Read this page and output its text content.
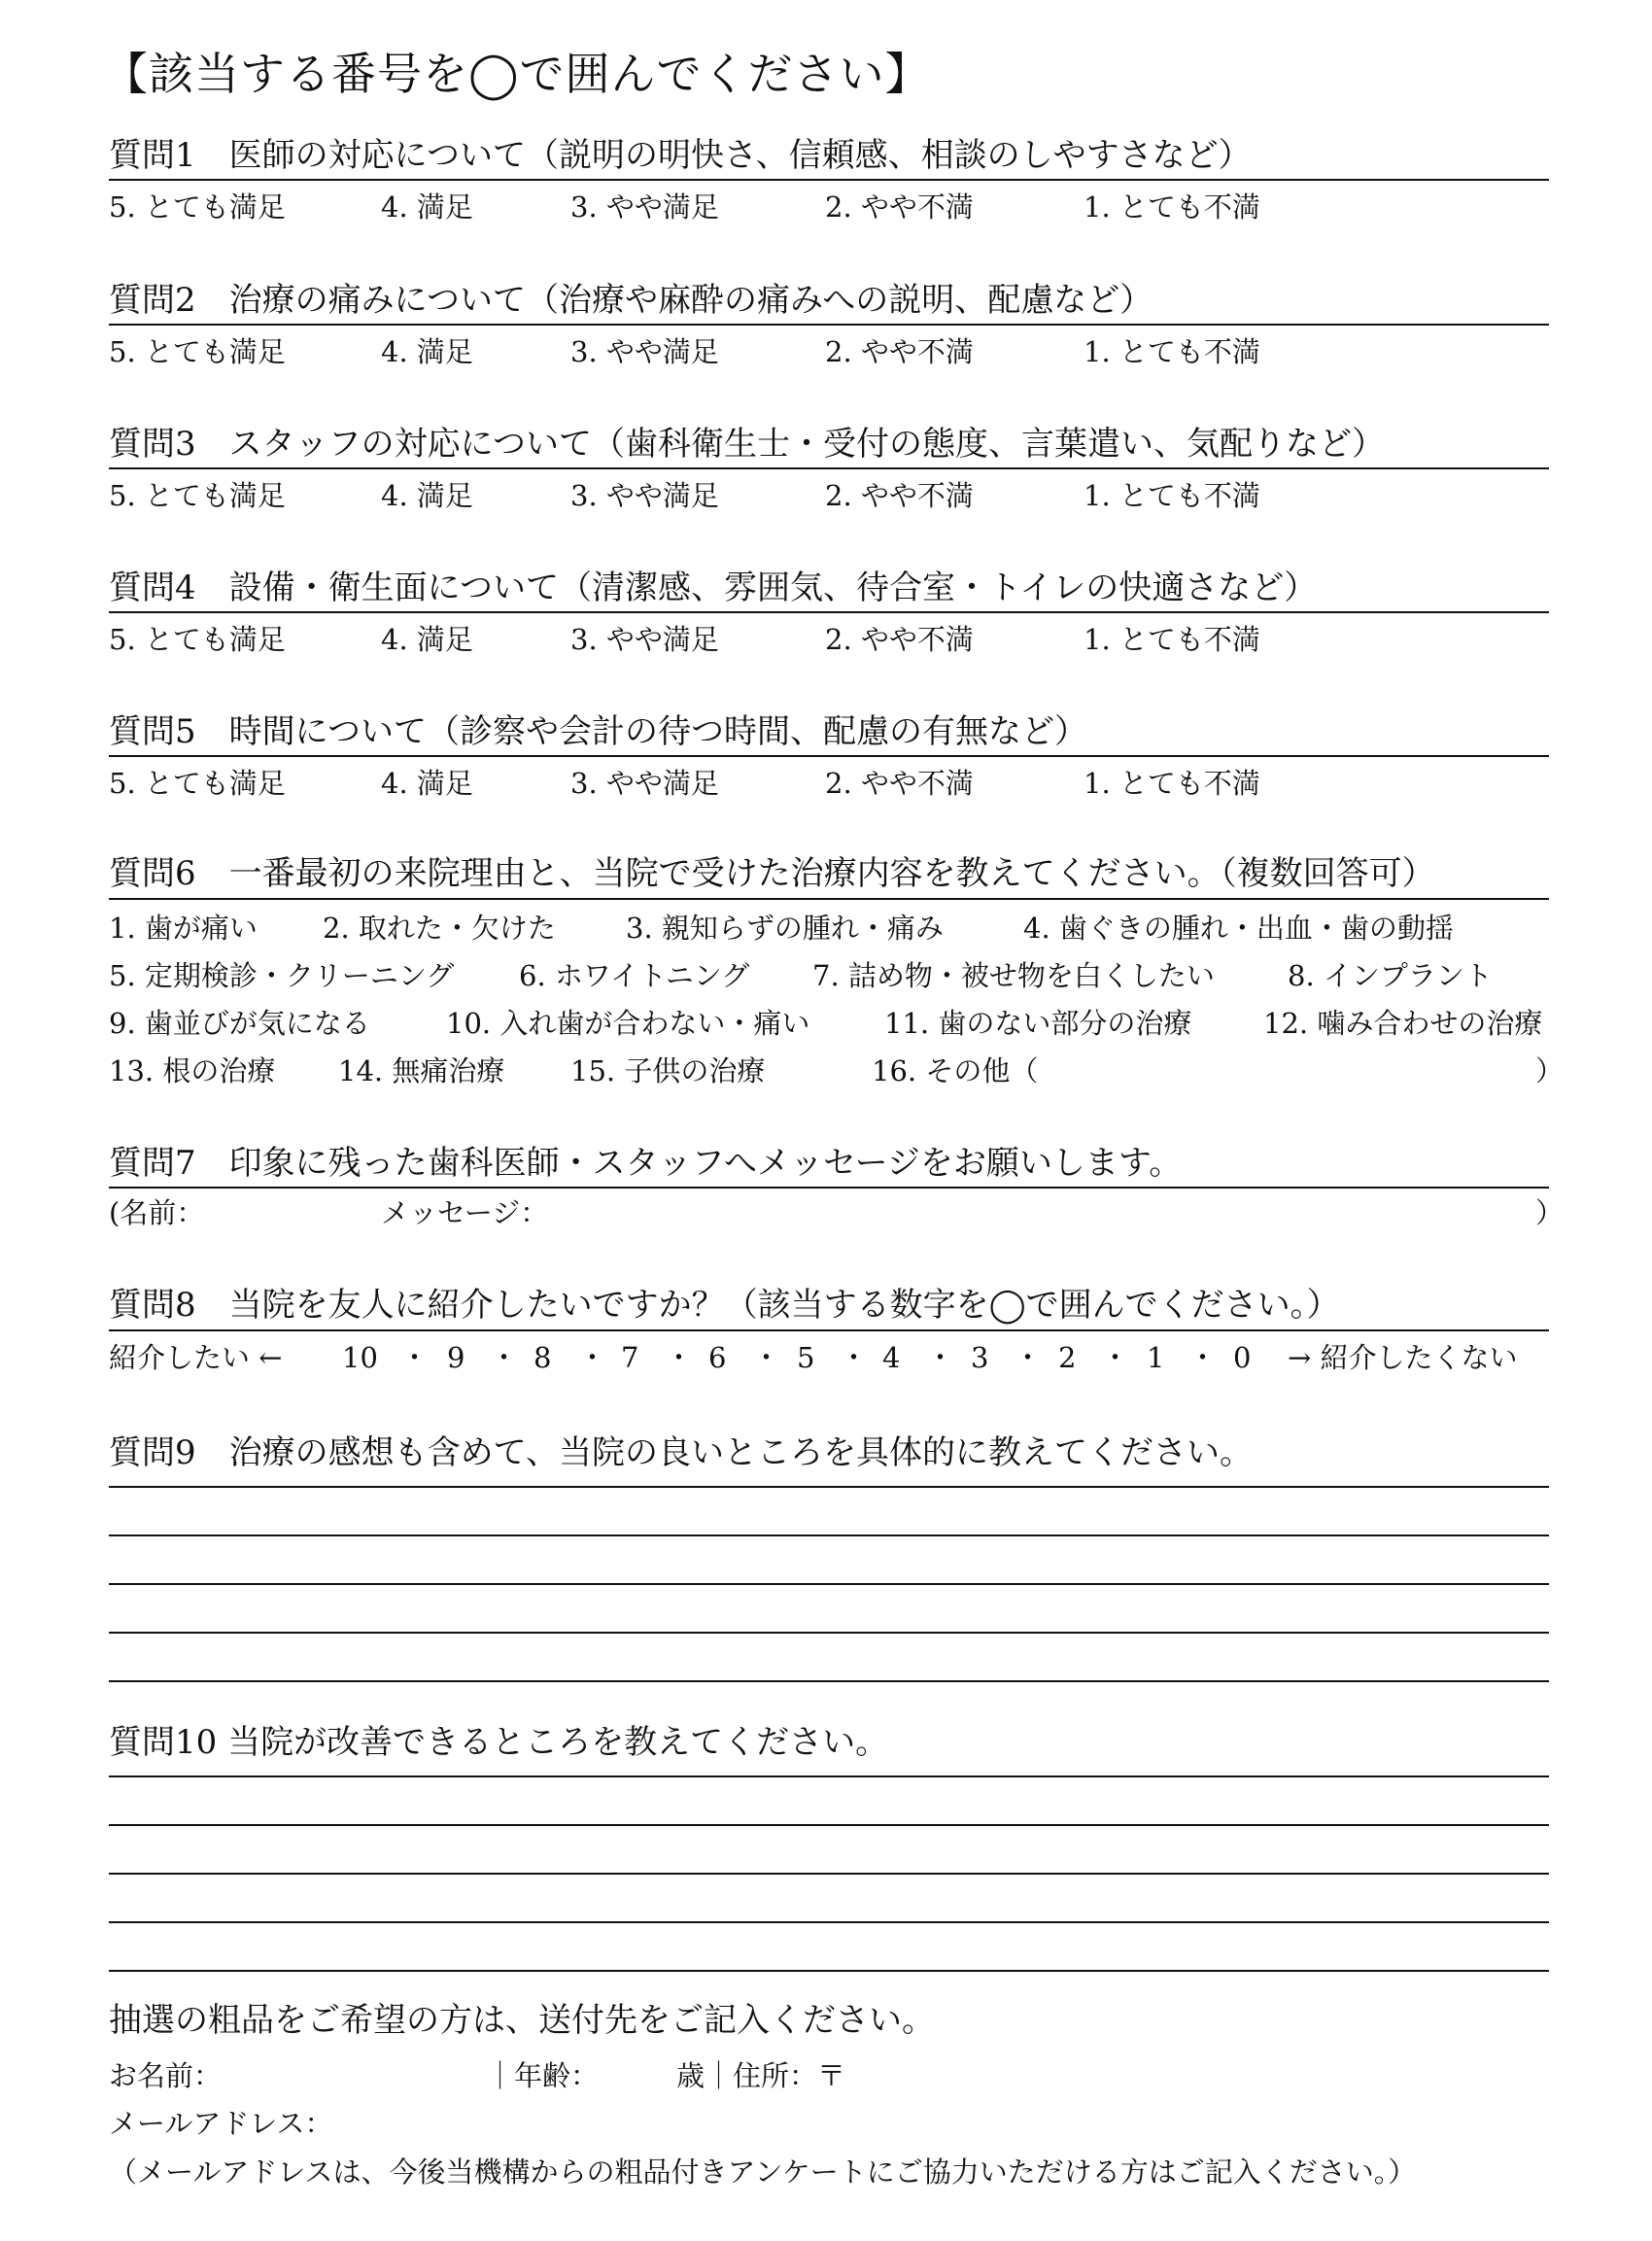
【該当する番号を◯で囲んでください】
質問1　医師の対応について（説明の明快さ、信頼感、相談のしやすさなど）
5. とても満足	4. 満足	3. やや満足	2. やや不満	1. とても不満
質問2　治療の痛みについて（治療や麻酔の痛みへの説明、配慮など）
5. とても満足	4. 満足	3. やや満足	2. やや不満	1. とても不満
質問3　スタッフの対応について（歯科衛生士・受付の態度、言葉遣い、気配りなど）
5. とても満足	4. 満足	3. やや満足	2. やや不満	1. とても不満
質問4　設備・衛生面について（清潔感、雰囲気、待合室・トイレの快適さなど）
5. とても満足	4. 満足	3. やや満足	2. やや不満	1. とても不満
質問5　時間について（診察や会計の待つ時間、配慮の有無など）
5. とても満足	4. 満足	3. やや満足	2. やや不満	1. とても不満
質問6　一番最初の来院理由と、当院で受けた治療内容を教えてください。（複数回答可）
1. 歯が痛い 2. 取れた・欠けた 3. 親知らずの腫れ・痛み	4. 歯ぐきの腫れ・出血・歯の動揺
5. 定期検診・クリーニング 6. ホワイトニング 7. 詰め物・被せ物を白くしたい	8. インプラント
9. 歯並びが気になる	10. 入れ歯が合わない・痛い	11. 歯のない部分の治療	12. 噛み合わせの治療
13. 根の治療 14. 無痛治療 15. 子供の治療	16. その他（	）
質問7　印象に残った歯科医師・スタッフへメッセージをお願いします。
(名前：	メッセージ：	）
質問8　当院を友人に紹介したいですか？（該当する数字を◯で囲んでください。）
紹介したい ← 10 ・ 9 ・ 8 ・ 7 ・ 6 ・ 5 ・ 4 ・ 3 ・ 2 ・ 1 ・ 0 → 紹介したくない
質問9　治療の感想も含めて、当院の良いところを具体的に教えてください。
質問10 当院が改善できるところを教えてください。
抽選の粗品をご希望の方は、送付先をご記入ください。
お名前：	｜年齢：	歳｜住所：〒
メールアドレス：
（メールアドレスは、今後当機構からの粗品付きアンケートにご協力いただける方はご記入ください。）
